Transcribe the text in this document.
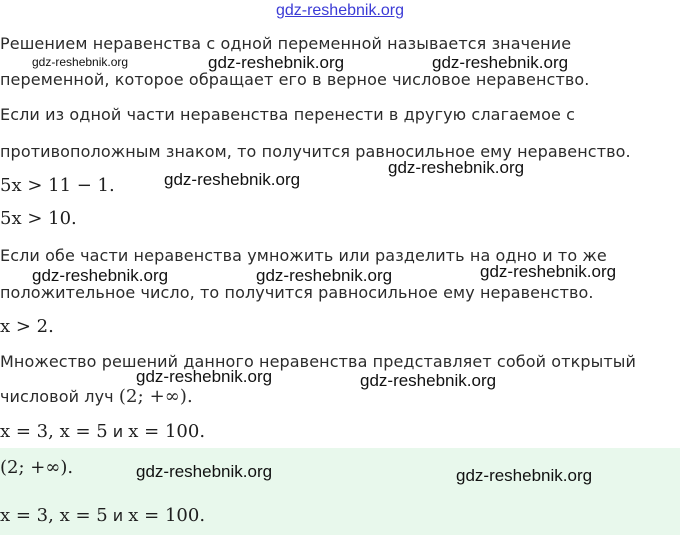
gdz-reshebnik.org
Решением неравенства с одной переменной называется значение
переменной, которое обращает его в верное числовое неравенство.
Если из одной части неравенства перенести в другую слагаемое с
противоположным знаком, то получится равносильное ему неравенство.
5x > 11 − 1.
5x > 10.
Если обе части неравенства умножить или разделить на одно и то же
положительное число, то получится равносильное ему неравенство.
x > 2.
Множество решений данного неравенства представляет собой открытый
числовой луч (2; +∞).
x = 3, x = 5 и x = 100.
(2; +∞).
x = 3, x = 5 и x = 100.
gdz-reshebnik.org	gdz-reshebnik.org	gdz-reshebnik.org
gdz-reshebnik.org
gdz-reshebnik.org
gdz-reshebnik.org
gdz-reshebnik.org	gdz-reshebnik.org
gdz-reshebnik.org	gdz-reshebnik.org
gdz-reshebnik.org	gdz-reshebnik.org
